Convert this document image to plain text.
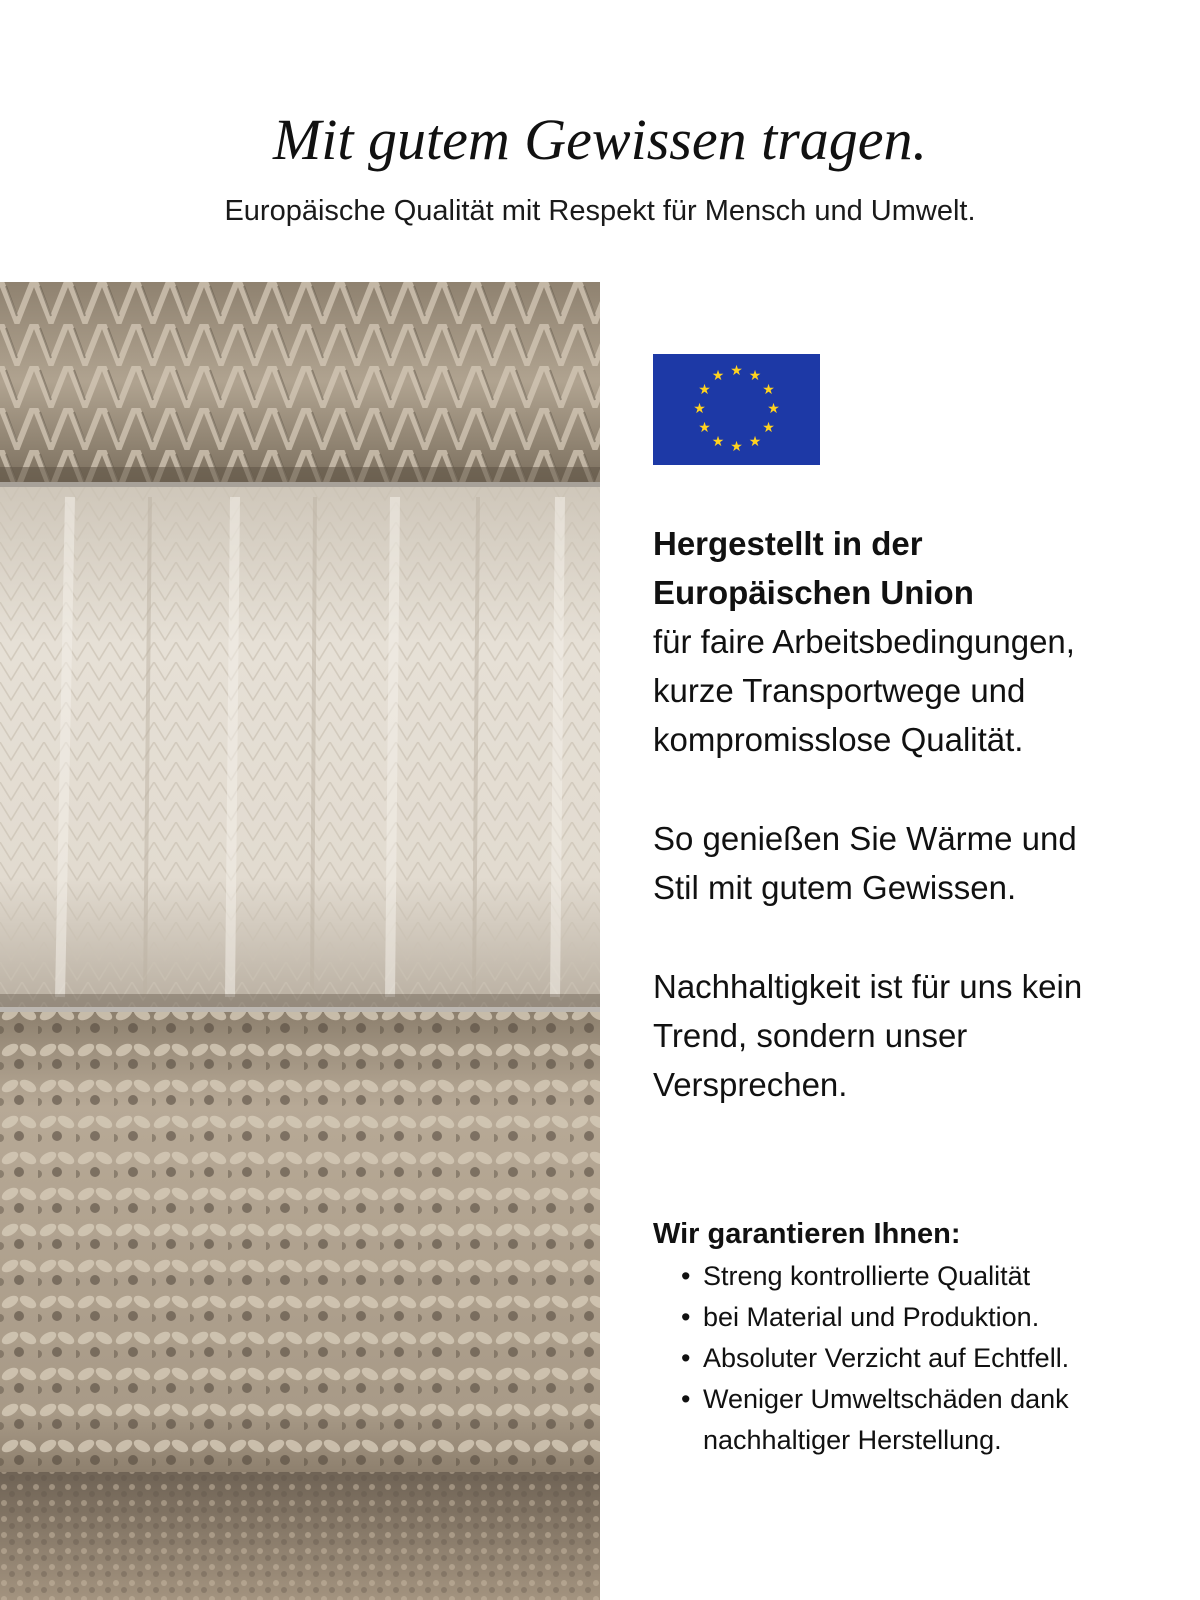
Mit gutem Gewissen tragen.
Europäische Qualität mit Respekt für Mensch und Umwelt.
★ ★
★
★
★
★
★
★
★
★
★
★
Hergestellt in der
Europäischen Union
für faire Arbeitsbedingungen,
kurze Transportwege und
kompromisslose Qualität.
So genießen Sie Wärme und
Stil mit gutem Gewissen.
Nachhaltigkeit ist für uns kein
Trend, sondern unser
Versprechen.
Wir garantieren Ihnen:
• Streng kontrollierte Qualität
• bei Material und Produktion.
• Absoluter Verzicht auf Echtfell.
• Weniger Umweltschäden dank nachhaltiger Herstellung.
